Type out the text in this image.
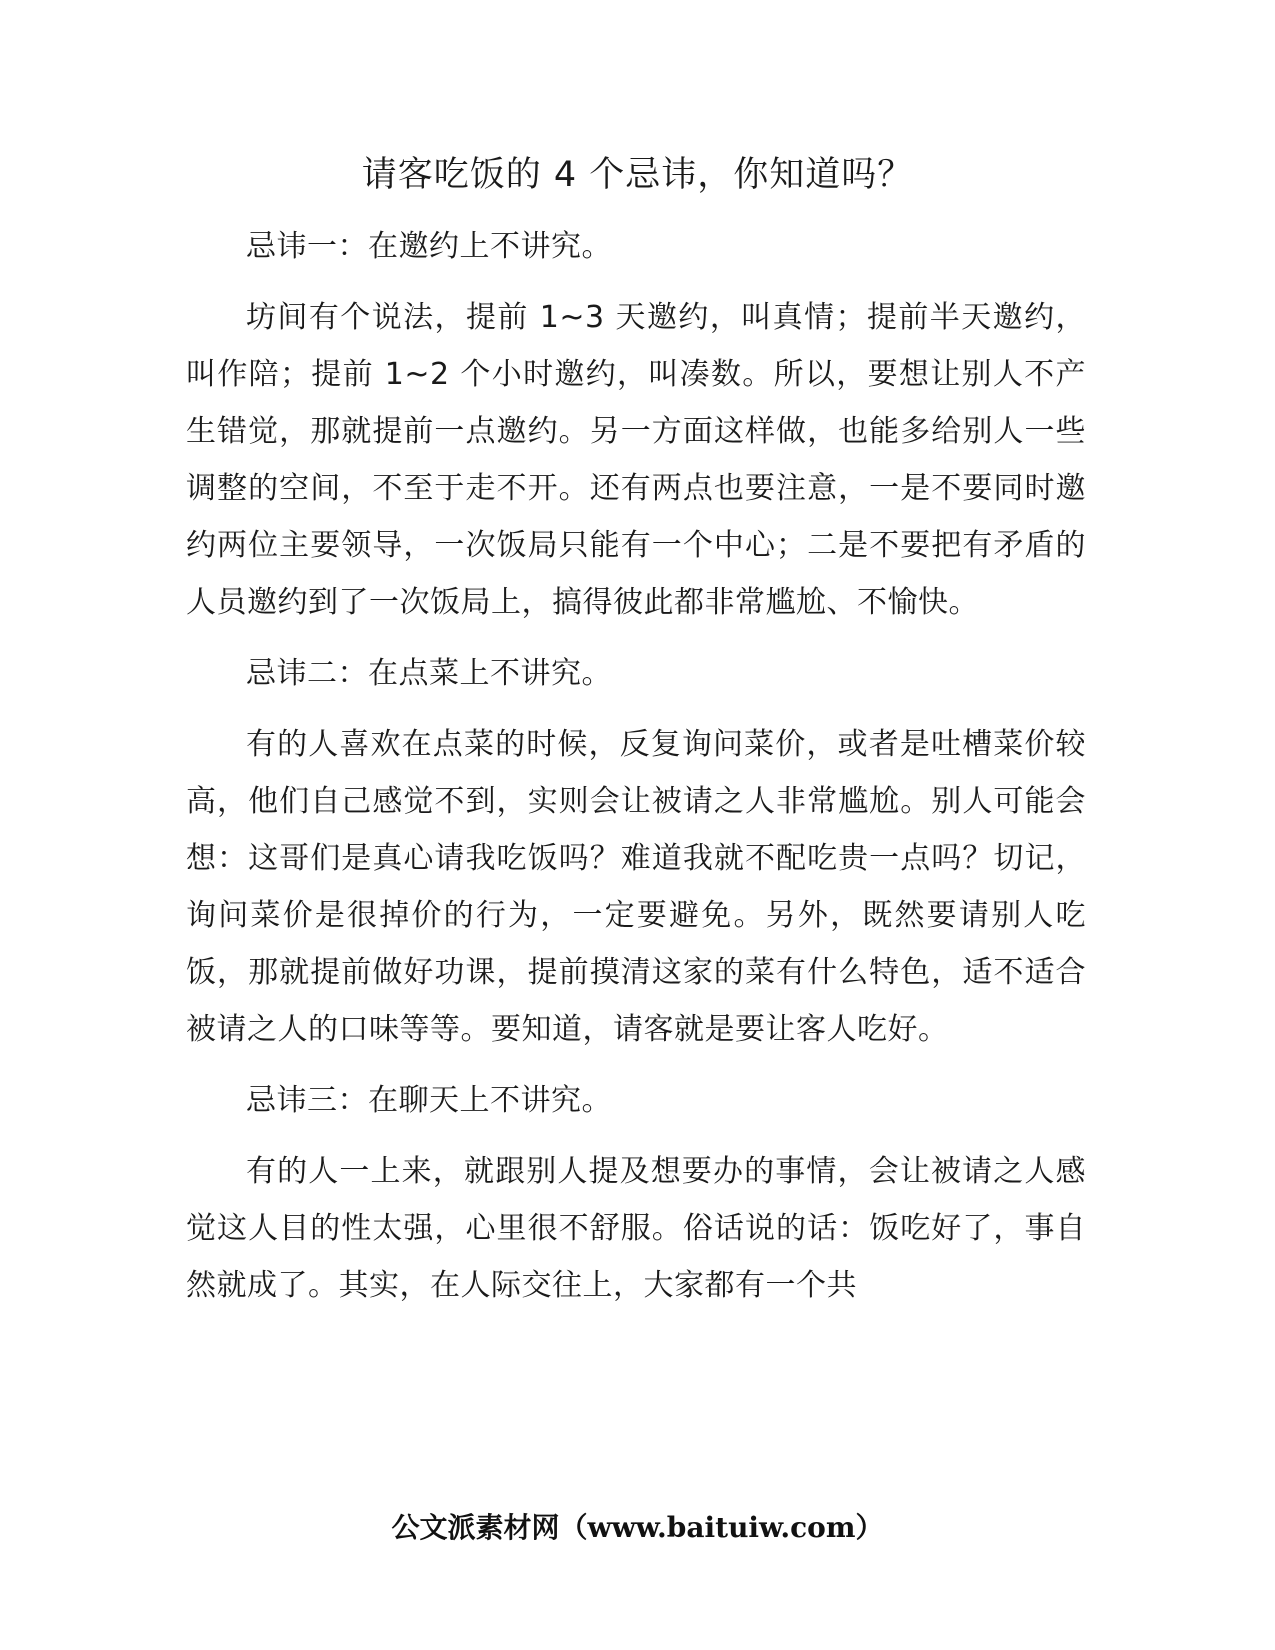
请客吃饭的 4 个忌讳，你知道吗？

忌讳一：在邀约上不讲究。

坊间有个说法，提前 1~3 天邀约，叫真情；提前半天邀约，叫作陪；提前 1~2 个小时邀约，叫凑数。所以，要想让别人不产生错觉，那就提前一点邀约。另一方面这样做，也能多给别人一些调整的空间，不至于走不开。还有两点也要注意，一是不要同时邀约两位主要领导，一次饭局只能有一个中心；二是不要把有矛盾的人员邀约到了一次饭局上，搞得彼此都非常尴尬、不愉快。

忌讳二：在点菜上不讲究。

有的人喜欢在点菜的时候，反复询问菜价，或者是吐槽菜价较高，他们自己感觉不到，实则会让被请之人非常尴尬。别人可能会想：这哥们是真心请我吃饭吗？难道我就不配吃贵一点吗？切记，询问菜价是很掉价的行为，一定要避免。另外，既然要请别人吃饭，那就提前做好功课，提前摸清这家的菜有什么特色，适不适合被请之人的口味等等。要知道，请客就是要让客人吃好。

忌讳三：在聊天上不讲究。

有的人一上来，就跟别人提及想要办的事情，会让被请之人感觉这人目的性太强，心里很不舒服。俗话说的话：饭吃好了，事自然就成了。其实，在人际交往上，大家都有一个共

公文派素材网（www.baituiw.com）
